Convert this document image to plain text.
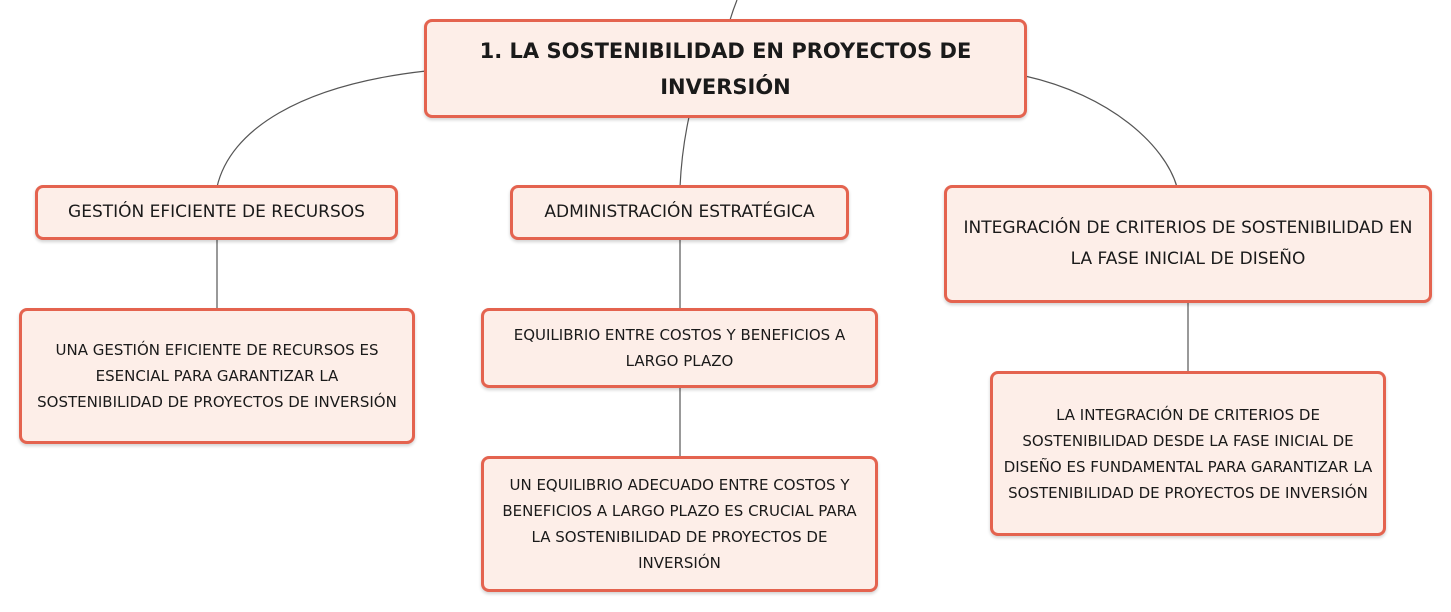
1. LA SOSTENIBILIDAD EN PROYECTOS DE INVERSIÓN
GESTIÓN EFICIENTE DE RECURSOS	ADMINISTRACIÓN ESTRATÉGICA
INTEGRACIÓN DE CRITERIOS DE SOSTENIBILIDAD EN LA FASE INICIAL DE DISEÑO
UNA GESTIÓN EFICIENTE DE RECURSOS ES ESENCIAL PARA GARANTIZAR LA SOSTENIBILIDAD DE PROYECTOS DE INVERSIÓN
EQUILIBRIO ENTRE COSTOS Y BENEFICIOS A LARGO PLAZO
UN EQUILIBRIO ADECUADO ENTRE COSTOS Y BENEFICIOS A LARGO PLAZO ES CRUCIAL PARA LA SOSTENIBILIDAD DE PROYECTOS DE INVERSIÓN
LA INTEGRACIÓN DE CRITERIOS DE SOSTENIBILIDAD DESDE LA FASE INICIAL DE DISEÑO ES FUNDAMENTAL PARA GARANTIZAR LA SOSTENIBILIDAD DE PROYECTOS DE INVERSIÓN
